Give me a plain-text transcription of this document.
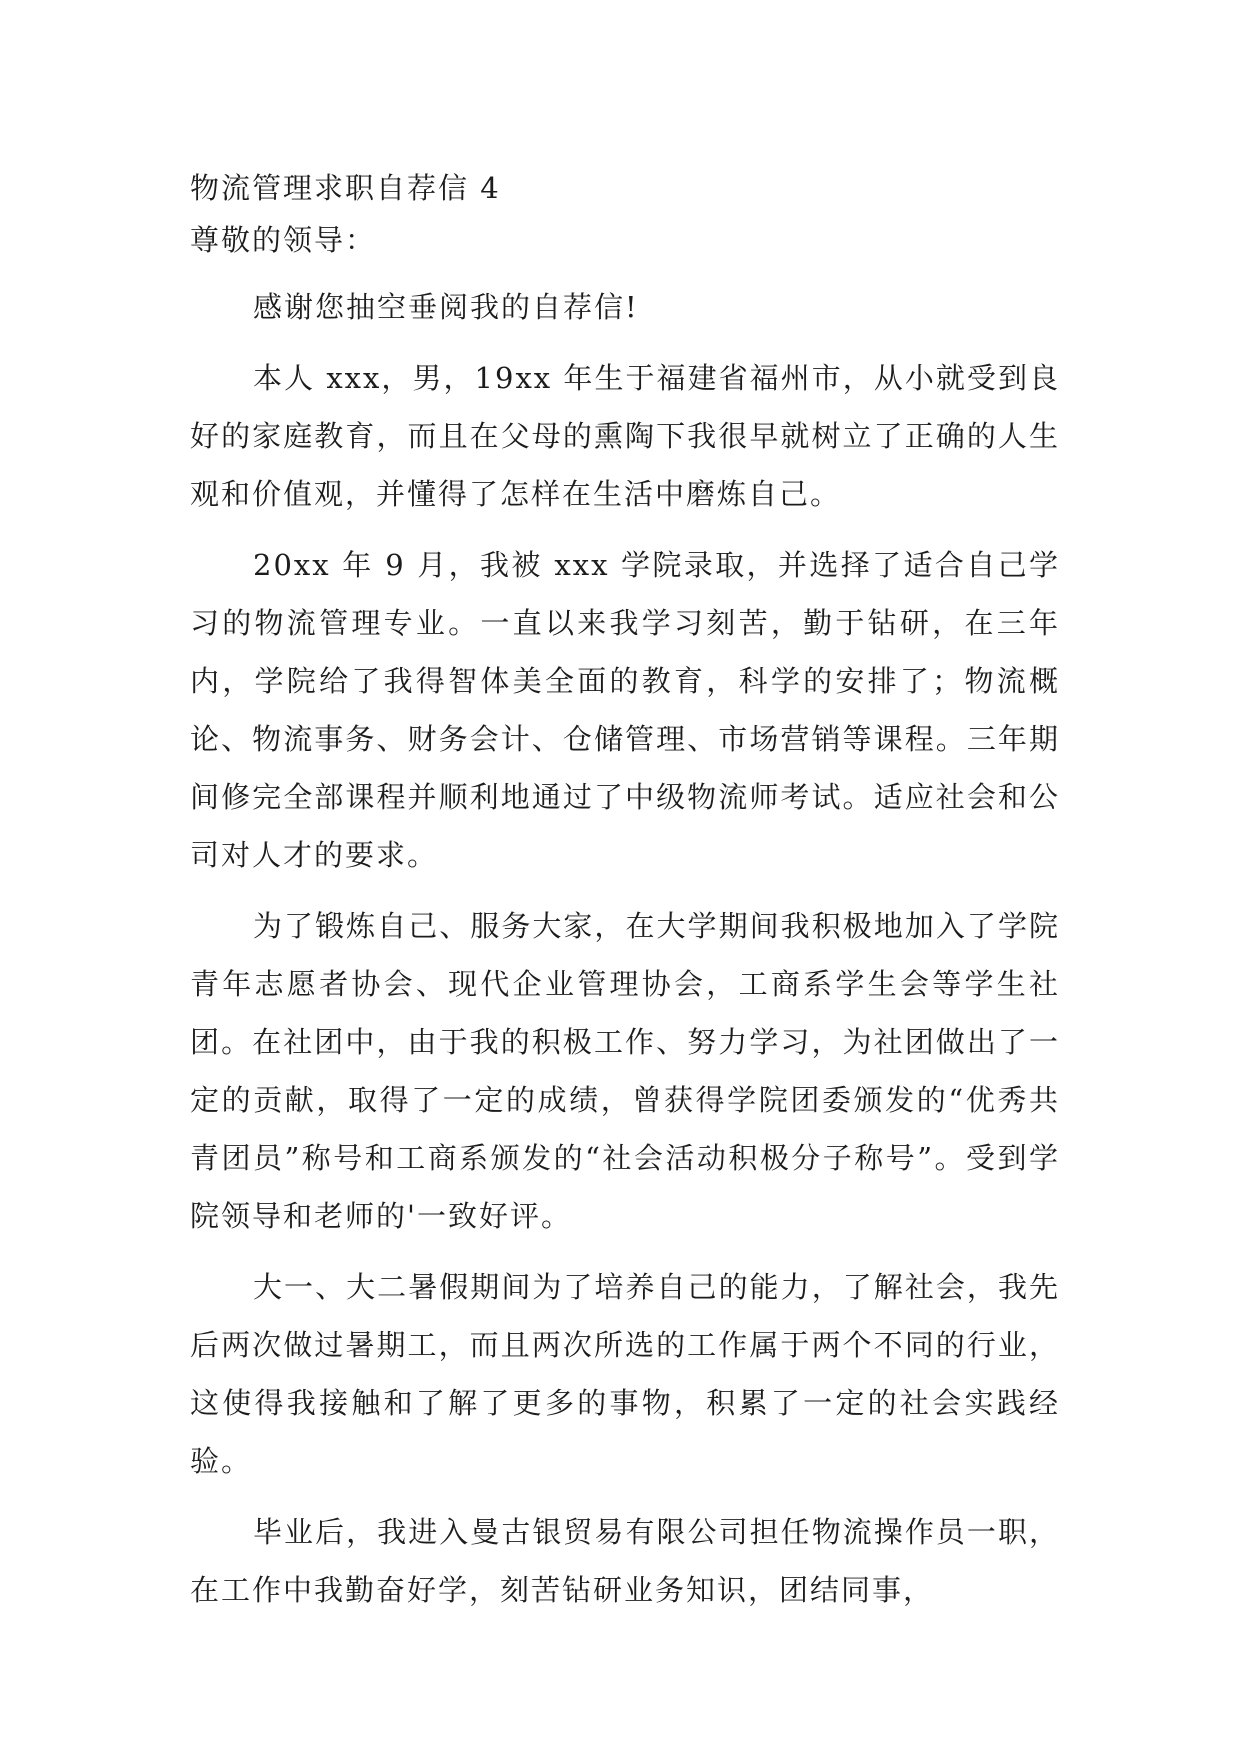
物流管理求职自荐信 4
尊敬的领导：

感谢您抽空垂阅我的自荐信!

本人 xxx，男，19xx 年生于福建省福州市，从小就受到良好的家庭教育，而且在父母的熏陶下我很早就树立了正确的人生观和价值观，并懂得了怎样在生活中磨炼自己。

20xx 年 9 月，我被 xxx 学院录取，并选择了适合自己学习的物流管理专业。一直以来我学习刻苦，勤于钻研，在三年内，学院给了我得智体美全面的教育，科学的安排了；物流概论、物流事务、财务会计、仓储管理、市场营销等课程。三年期间修完全部课程并顺利地通过了中级物流师考试。适应社会和公司对人才的要求。

为了锻炼自己、服务大家，在大学期间我积极地加入了学院青年志愿者协会、现代企业管理协会，工商系学生会等学生社团。在社团中，由于我的积极工作、努力学习，为社团做出了一定的贡献，取得了一定的成绩，曾获得学院团委颁发的“优秀共青团员”称号和工商系颁发的“社会活动积极分子称号”。受到学院领导和老师的'一致好评。

大一、大二暑假期间为了培养自己的能力，了解社会，我先后两次做过暑期工，而且两次所选的工作属于两个不同的行业，这使得我接触和了解了更多的事物，积累了一定的社会实践经验。

毕业后，我进入曼古银贸易有限公司担任物流操作员一职，在工作中我勤奋好学，刻苦钻研业务知识，团结同事，
